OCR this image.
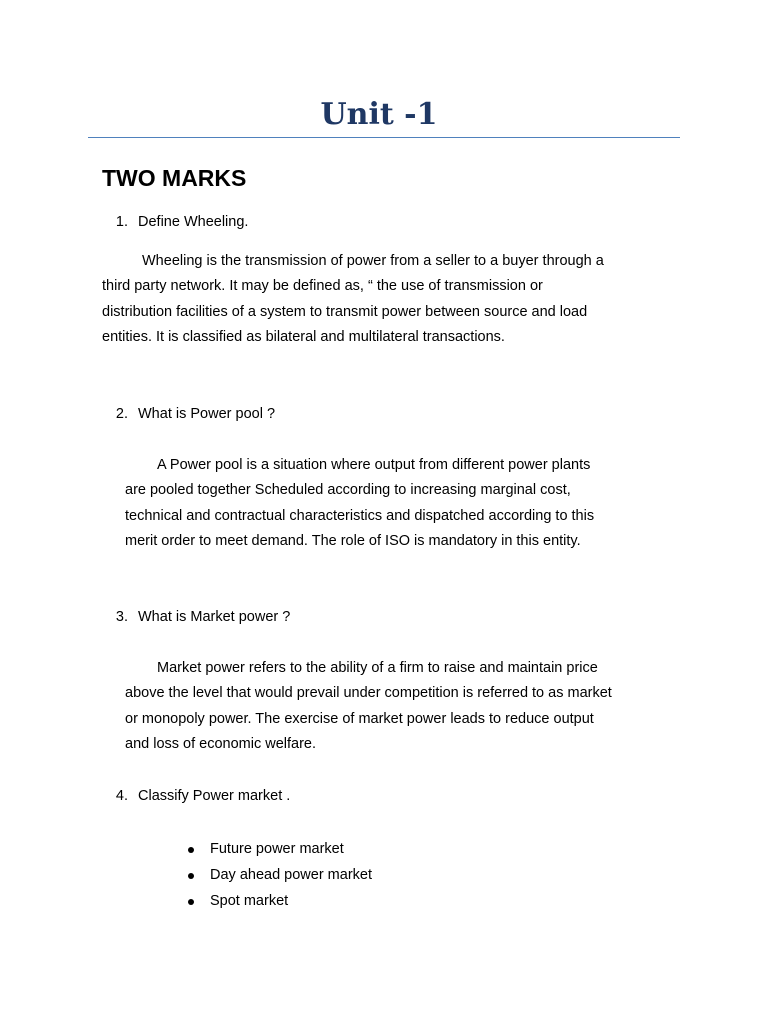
Unit -1
TWO MARKS
1. Define Wheeling.
Wheeling is the transmission of power from a seller to a buyer through a
third party network. It may be defined as, “ the use of transmission or
distribution facilities of a system to transmit power between source and load
entities. It is classified as bilateral and multilateral transactions.
2. What is Power pool ?
A Power pool is a situation where output from different power plants
are pooled together Scheduled according to increasing marginal cost,
technical and contractual characteristics and dispatched according to this
merit order to meet demand. The role of ISO is mandatory in this entity.
3. What is Market power ?
Market power refers to the ability of a firm to raise and maintain price
above the level that would prevail under competition is referred to as market
or monopoly power. The exercise of market power leads to reduce output
and loss of economic welfare.
4. Classify Power market .
Future power market
Day ahead power market
Spot market
